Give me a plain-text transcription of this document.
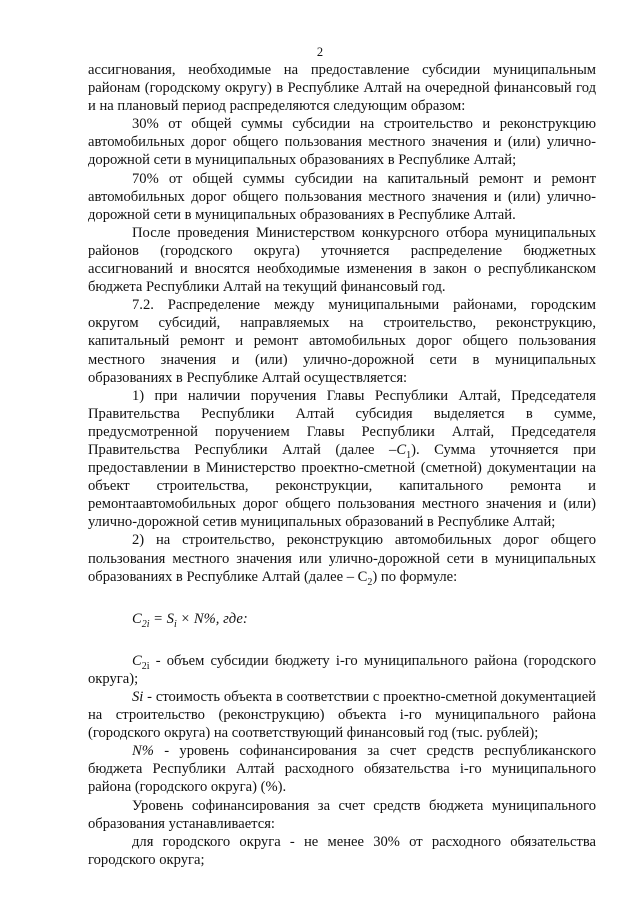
2

ассигнования, необходимые на предоставление субсидии муниципальным районам (городскому округу) в Республике Алтай на очередной финансовый год и на плановый период распределяются следующим образом:

30% от общей суммы субсидии на строительство и реконструкцию автомобильных дорог общего пользования местного значения и (или) улично-дорожной сети в муниципальных образованиях в Республике Алтай;

70% от общей суммы субсидии на капитальный ремонт и ремонт автомобильных дорог общего пользования местного значения и (или) улично-дорожной сети в муниципальных образованиях в Республике Алтай.

После проведения Министерством конкурсного отбора муниципальных районов (городского округа) уточняется распределение бюджетных ассигнований и вносятся необходимые изменения в закон о республиканском бюджета Республики Алтай на текущий финансовый год.

7.2. Распределение между муниципальными районами, городским округом субсидий, направляемых на строительство, реконструкцию, капитальный ремонт и ремонт автомобильных дорог общего пользования местного значения и (или) улично-дорожной сети в муниципальных образованиях в Республике Алтай осуществляется:

1) при наличии поручения Главы Республики Алтай, Председателя Правительства Республики Алтай субсидия выделяется в сумме, предусмотренной поручением Главы Республики Алтай, Председателя Правительства Республики Алтай (далее $-C_1$). Сумма уточняется при предоставлении в Министерство проектно-сметной (сметной) документации на объект строительства, реконструкции, капитального ремонта и ремонтаавтомобильных дорог общего пользования местного значения и (или) улично-дорожной сетив муниципальных образований в Республике Алтай;

2) на строительство, реконструкцию автомобильных дорог общего пользования местного значения или улично-дорожной сети в муниципальных образованиях в Республике Алтай (далее – $С_2$) по формуле:

$C_{2i} = S_i \times N\%$, где:

$C_{2i}$ - объем субсидии бюджету i-го муниципального района (городского округа);

Si - стоимость объекта в соответствии с проектно-сметной документацией на строительство (реконструкцию) объекта i-го муниципального района (городского округа) на соответствующий финансовый год (тыс. рублей);

N% - уровень софинансирования за счет средств республиканского бюджета Республики Алтай расходного обязательства i-го муниципального района (городского округа) (%).

Уровень софинансирования за счет средств бюджета муниципального образования устанавливается:

для городского округа - не менее 30% от расходного обязательства городского округа;
